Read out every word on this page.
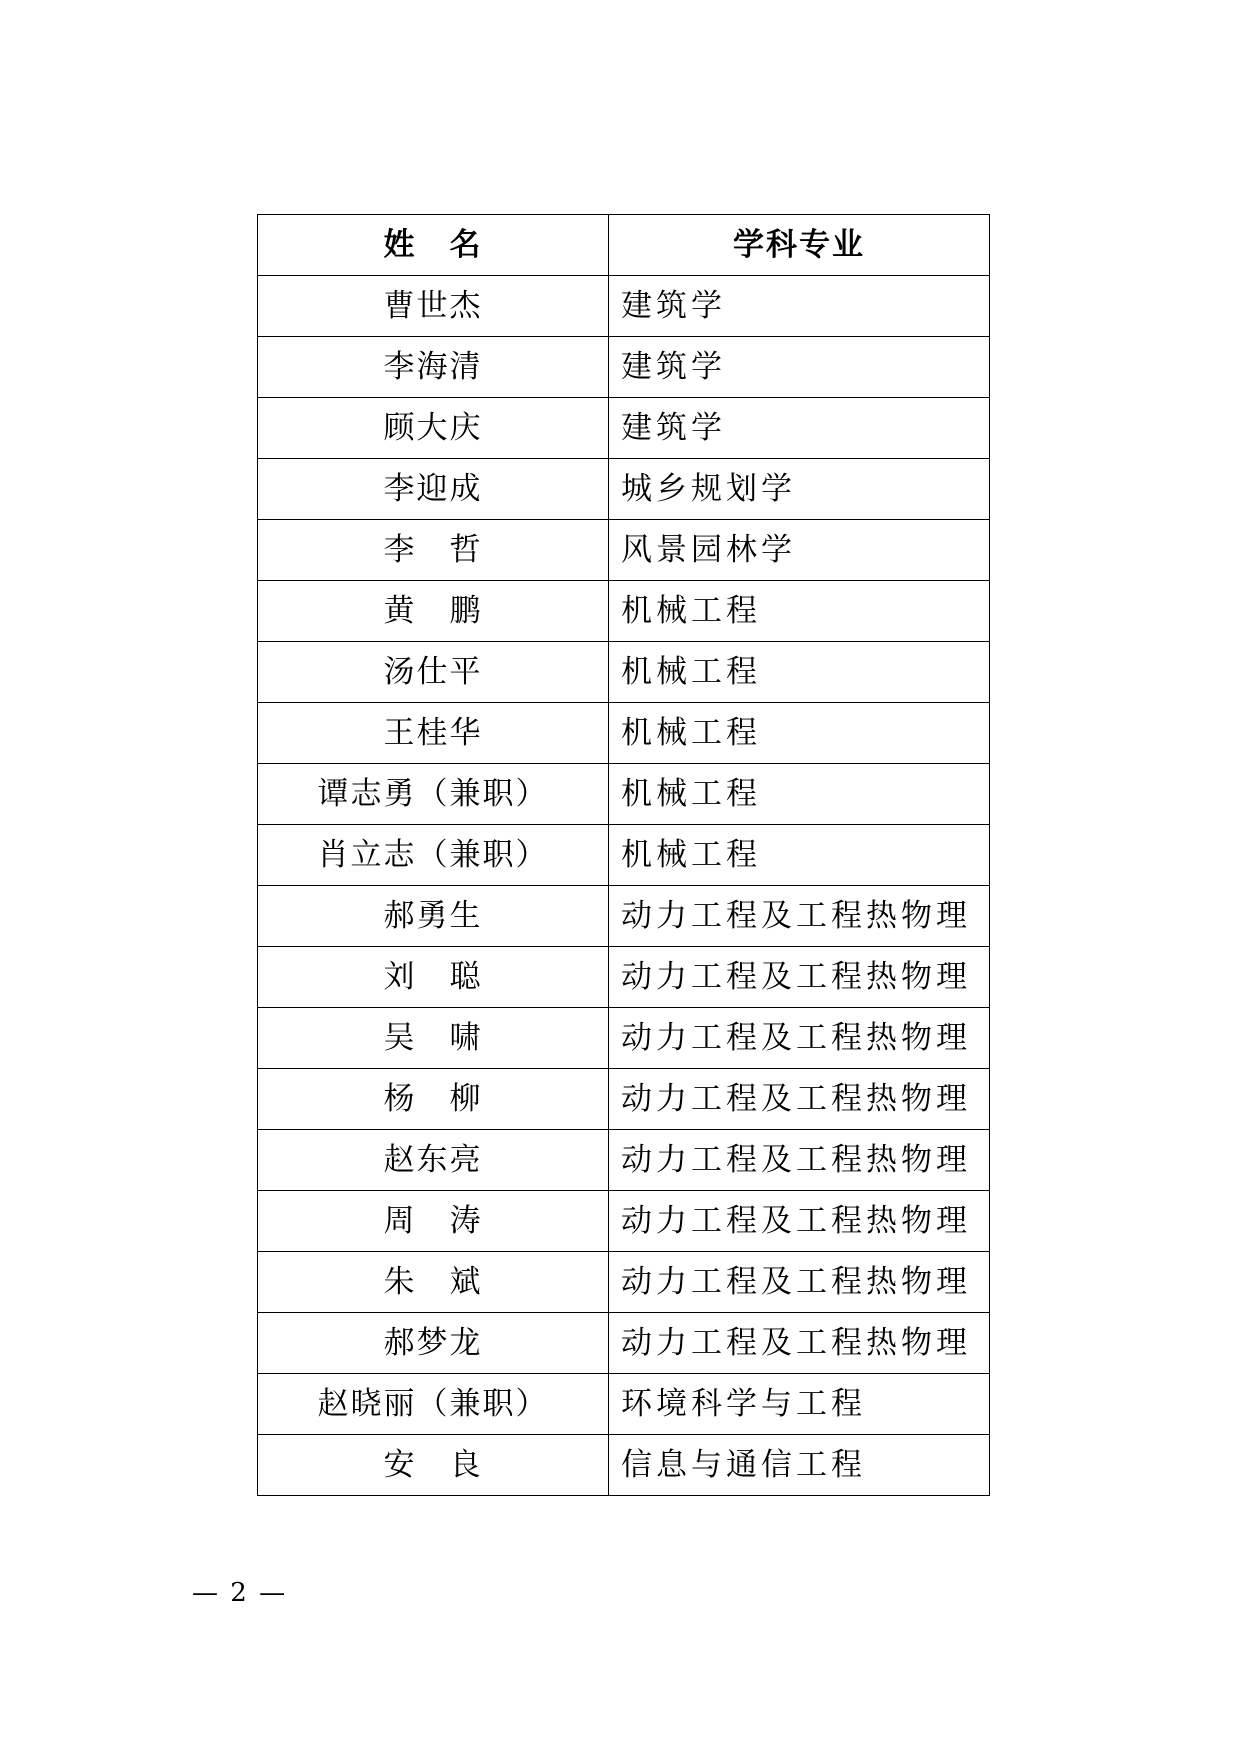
姓　名	学科专业
曹世杰	建筑学
李海清	建筑学
顾大庆	建筑学
李迎成	城乡规划学
李　哲	风景园林学
黄　鹏	机械工程
汤仕平	机械工程
王桂华	机械工程
谭志勇（兼职）	机械工程
肖立志（兼职）	机械工程
郝勇生	动力工程及工程热物理
刘　聪	动力工程及工程热物理
吴　啸	动力工程及工程热物理
杨　柳	动力工程及工程热物理
赵东亮	动力工程及工程热物理
周　涛	动力工程及工程热物理
朱　斌	动力工程及工程热物理
郝梦龙	动力工程及工程热物理
赵晓丽（兼职）	环境科学与工程
安　良	信息与通信工程
— 2 —
